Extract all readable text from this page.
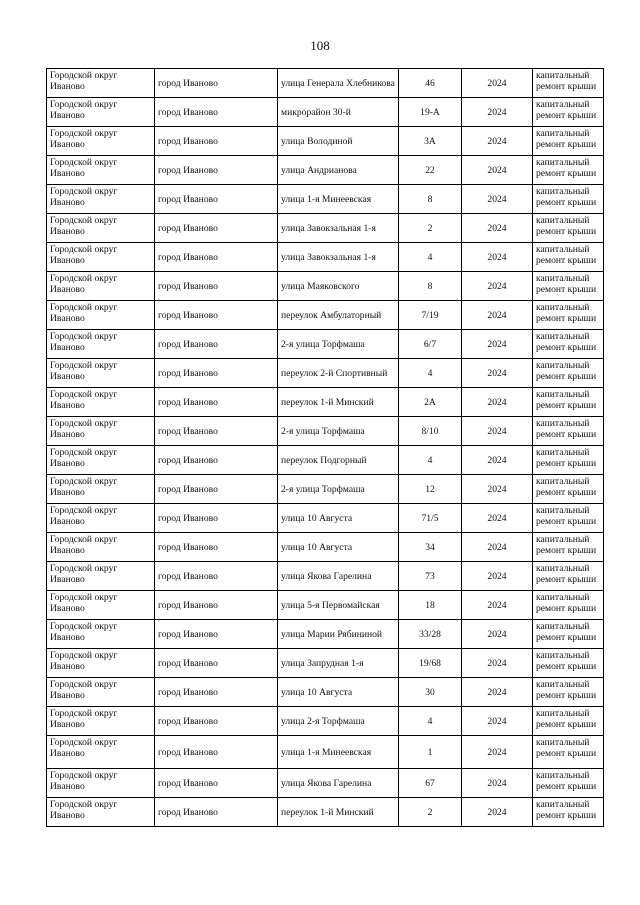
108
Городской округ Иваново	город Иваново	улица Генерала Хлебникова	46	2024	капитальный ремонт крыши
Городской округ Иваново	город Иваново	микрорайон 30-й	19-А	2024	капитальный ремонт крыши
Городской округ Иваново	город Иваново	улица Володиной	3А	2024	капитальный ремонт крыши
Городской округ Иваново	город Иваново	улица Андрианова	22	2024	капитальный ремонт крыши
Городской округ Иваново	город Иваново	улица 1-я Минеевская	8	2024	капитальный ремонт крыши
Городской округ Иваново	город Иваново	улица Завокзальная 1-я	2	2024	капитальный ремонт крыши
Городской округ Иваново	город Иваново	улица Завокзальная 1-я	4	2024	капитальный ремонт крыши
Городской округ Иваново	город Иваново	улица Маяковского	8	2024	капитальный ремонт крыши
Городской округ Иваново	город Иваново	переулок Амбулаторный	7/19	2024	капитальный ремонт крыши
Городской округ Иваново	город Иваново	2-я улица Торфмаша	6/7	2024	капитальный ремонт крыши
Городской округ Иваново	город Иваново	переулок 2-й Спортивный	4	2024	капитальный ремонт крыши
Городской округ Иваново	город Иваново	переулок 1-й Минский	2А	2024	капитальный ремонт крыши
Городской округ Иваново	город Иваново	2-я улица Торфмаша	8/10	2024	капитальный ремонт крыши
Городской округ Иваново	город Иваново	переулок Подгорный	4	2024	капитальный ремонт крыши
Городской округ Иваново	город Иваново	2-я улица Торфмаша	12	2024	капитальный ремонт крыши
Городской округ Иваново	город Иваново	улица 10 Августа	71/5	2024	капитальный ремонт крыши
Городской округ Иваново	город Иваново	улица 10 Августа	34	2024	капитальный ремонт крыши
Городской округ Иваново	город Иваново	улица Якова Гарелина	73	2024	капитальный ремонт крыши
Городской округ Иваново	город Иваново	улица 5-я Первомайская	18	2024	капитальный ремонт крыши
Городской округ Иваново	город Иваново	улица Марии Рябининой	33/28	2024	капитальный ремонт крыши
Городской округ Иваново	город Иваново	улица Запрудная 1-я	19/68	2024	капитальный ремонт крыши
Городской округ Иваново	город Иваново	улица 10 Августа	30	2024	капитальный ремонт крыши
Городской округ Иваново	город Иваново	улица 2-я Торфмаша	4	2024	капитальный ремонт крыши
Городской округ Иваново	город Иваново	улица 1-я Минеевская	1	2024	капитальный ремонт крыши
Городской округ Иваново	город Иваново	улица Якова Гарелина	67	2024	капитальный ремонт крыши
Городской округ Иваново	город Иваново	переулок 1-й Минский	2	2024	капитальный ремонт крыши
